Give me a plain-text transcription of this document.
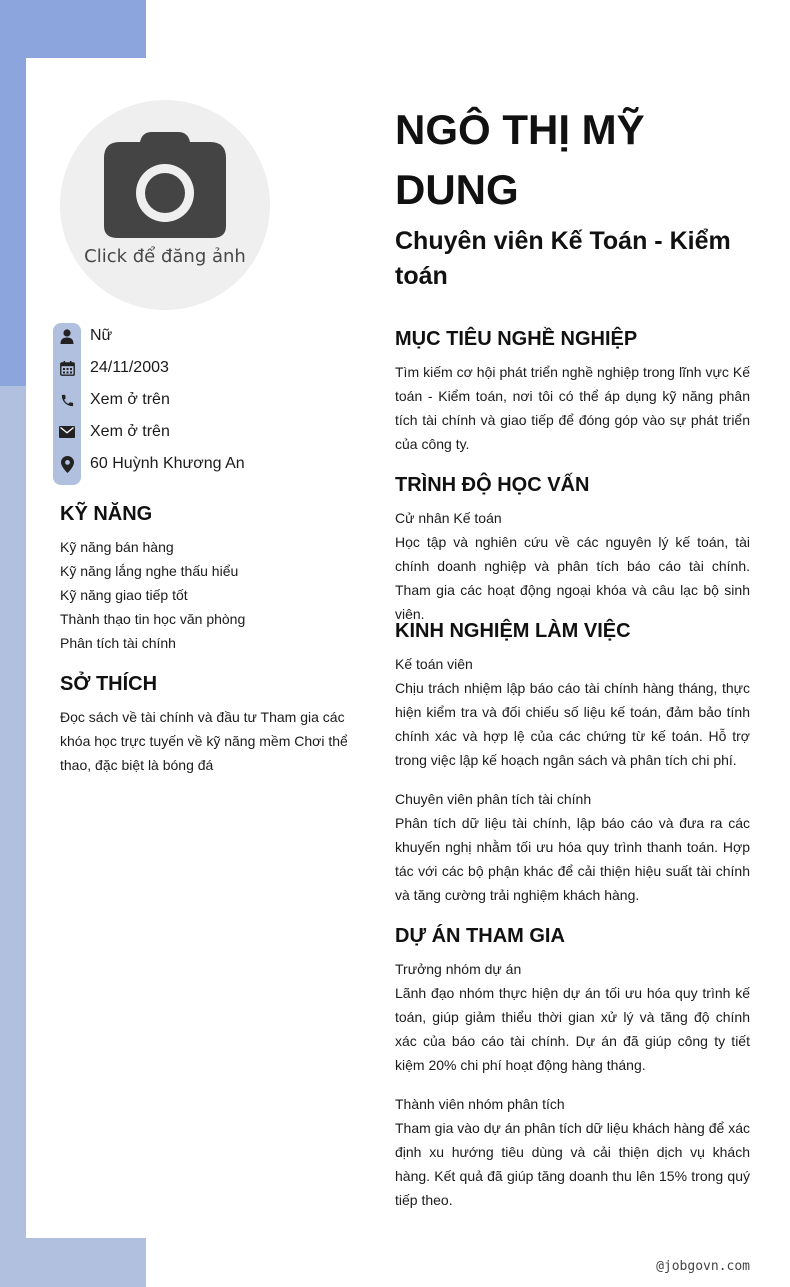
Click để đăng ảnh
Nữ
24/11/2003
Xem ở trên
Xem ở trên
60 Huỳnh Khương An
KỸ NĂNG
Kỹ năng bán hàng
Kỹ năng lắng nghe thấu hiểu
Kỹ năng giao tiếp tốt
Thành thạo tin học văn phòng
Phân tích tài chính
SỞ THÍCH

Đọc sách về tài chính và đầu tư Tham gia các khóa học trực tuyến về kỹ năng mềm Chơi thể thao, đặc biệt là bóng đá

NGÔ THỊ MỸ DUNG
Chuyên viên Kế Toán - Kiểm toán
MỤC TIÊU NGHỀ NGHIỆP

Tìm kiếm cơ hội phát triển nghề nghiệp trong lĩnh vực Kế toán - Kiểm toán, nơi tôi có thể áp dụng kỹ năng phân tích tài chính và giao tiếp để đóng góp vào sự phát triển của công ty.

TRÌNH ĐỘ HỌC VẤN

Cử nhân Kế toán

Học tập và nghiên cứu về các nguyên lý kế toán, tài chính doanh nghiệp và phân tích báo cáo tài chính. Tham gia các hoạt động ngoại khóa và câu lạc bộ sinh viên.

KINH NGHIỆM LÀM VIỆC

Kế toán viên

Chịu trách nhiệm lập báo cáo tài chính hàng tháng, thực hiện kiểm tra và đối chiếu số liệu kế toán, đảm bảo tính chính xác và hợp lệ của các chứng từ kế toán. Hỗ trợ trong việc lập kế hoạch ngân sách và phân tích chi phí.

Chuyên viên phân tích tài chính

Phân tích dữ liệu tài chính, lập báo cáo và đưa ra các khuyến nghị nhằm tối ưu hóa quy trình thanh toán. Hợp tác với các bộ phận khác để cải thiện hiệu suất tài chính và tăng cường trải nghiệm khách hàng.

DỰ ÁN THAM GIA

Trưởng nhóm dự án

Lãnh đạo nhóm thực hiện dự án tối ưu hóa quy trình kế toán, giúp giảm thiểu thời gian xử lý và tăng độ chính xác của báo cáo tài chính. Dự án đã giúp công ty tiết kiệm 20% chi phí hoạt động hàng tháng.

Thành viên nhóm phân tích

Tham gia vào dự án phân tích dữ liệu khách hàng để xác định xu hướng tiêu dùng và cải thiện dịch vụ khách hàng. Kết quả đã giúp tăng doanh thu lên 15% trong quý tiếp theo.

@jobgovn.com
